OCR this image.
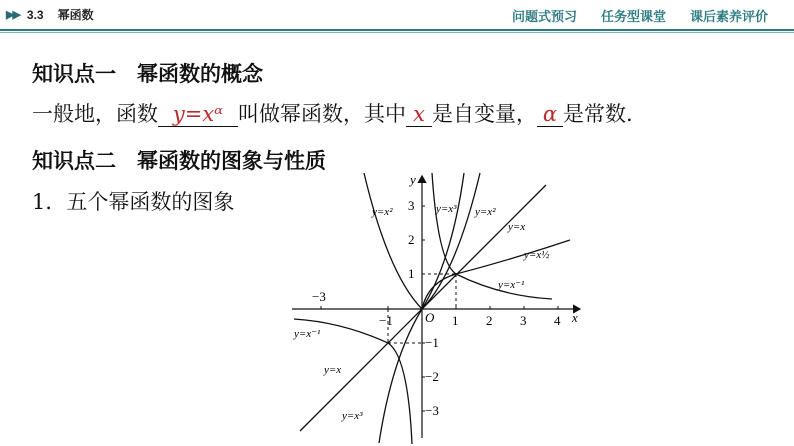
▶▶ 3.3 幂函数	问题式预习 任务型课堂 课后素养评价
知识点一　幂函数的概念
一般地，函数 y=xᵅ 叫做幂函数，其中 x 是自变量， α 是常数.
知识点二　幂函数的图象与性质
1．五个幂函数的图象
x
y
O
−3
−1	1 2 3 4
3
2
1
−1
−2
−3
y=x²	y=x³ y=x²
y=x
y=x½
y=x⁻¹
y=x⁻¹
y=x
y=x³
